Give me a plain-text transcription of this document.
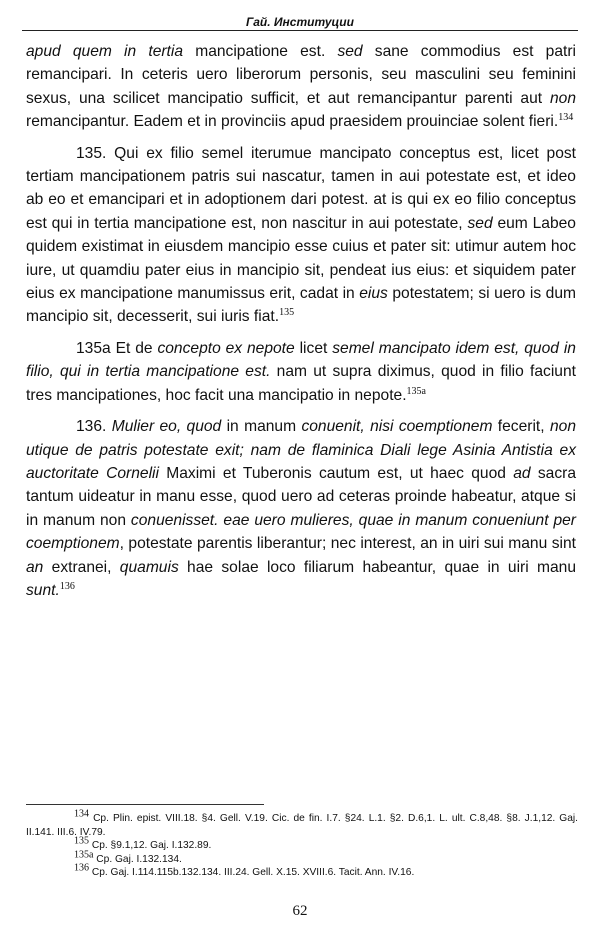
Гай. Институции

apud quem in tertia mancipatione est. sed sane commodius est patri remancipari. In ceteris uero liberorum personis, seu masculini seu feminini sexus, una scilicet mancipatio sufficit, et aut remancipantur parenti aut non remancipantur. Eadem et in provinciis apud praesidem prouinciae solent fieri.$^{134}$

135. Qui ex filio semel iterumue mancipato conceptus est, licet post tertiam mancipationem patris sui nascatur, tamen in aui potestate est, et ideo ab eo et emancipari et in adoptionem dari potest. at is qui ex eo filio conceptus est qui in tertia mancipatione est, non nascitur in aui potestate, sed eum Labeo quidem existimat in eiusdem mancipio esse cuius et pater sit: utimur autem hoc iure, ut quamdiu pater eius in mancipio sit, pendeat ius eius: et siquidem pater eius ex mancipatione manumissus erit, cadat in eius potestatem; si uero is dum mancipio sit, decesserit, sui iuris fiat.$^{135}$

135a Et de concepto ex nepote licet semel mancipato idem est, quod in filio, qui in tertia mancipatione est. nam ut supra diximus, quod in filio faciunt tres mancipationes, hoc facit una mancipatio in nepote.$^{135a}$

136. Mulier eo, quod in manum conuenit, nisi coemptionem fecerit, non utique de patris potestate exit; nam de flaminica Diali lege Asinia Antistia ex auctoritate Cornelii Maximi et Tuberonis cautum est, ut haec quod ad sacra tantum uideatur in manu esse, quod uero ad ceteras proinde habeatur, atque si in manum non conuenisset. eae uero mulieres, quae in manum conueniunt per coemptionem, potestate parentis liberantur; nec interest, an in uiri sui manu sint an extranei, quamuis hae solae loco filiarum habeantur, quae in uiri manu sunt.$^{136}$

$^{134}$ Cp. Plin. epist. VIII.18. §4. Gell. V.19. Cic. de fin. I.7. §24. L.1. §2. D.6,1. L. ult. C.8,48. §8. J.1,12. Gaj. II.141. III.6. IV.79.
$^{135}$ Cp. §9.1,12. Gaj. I.132.89.
$^{135a}$ Cp. Gaj. I.132.134.
$^{136}$ Cp. Gaj. I.114.115b.132.134. III.24. Gell. X.15. XVIII.6. Tacit. Ann. IV.16.
62
